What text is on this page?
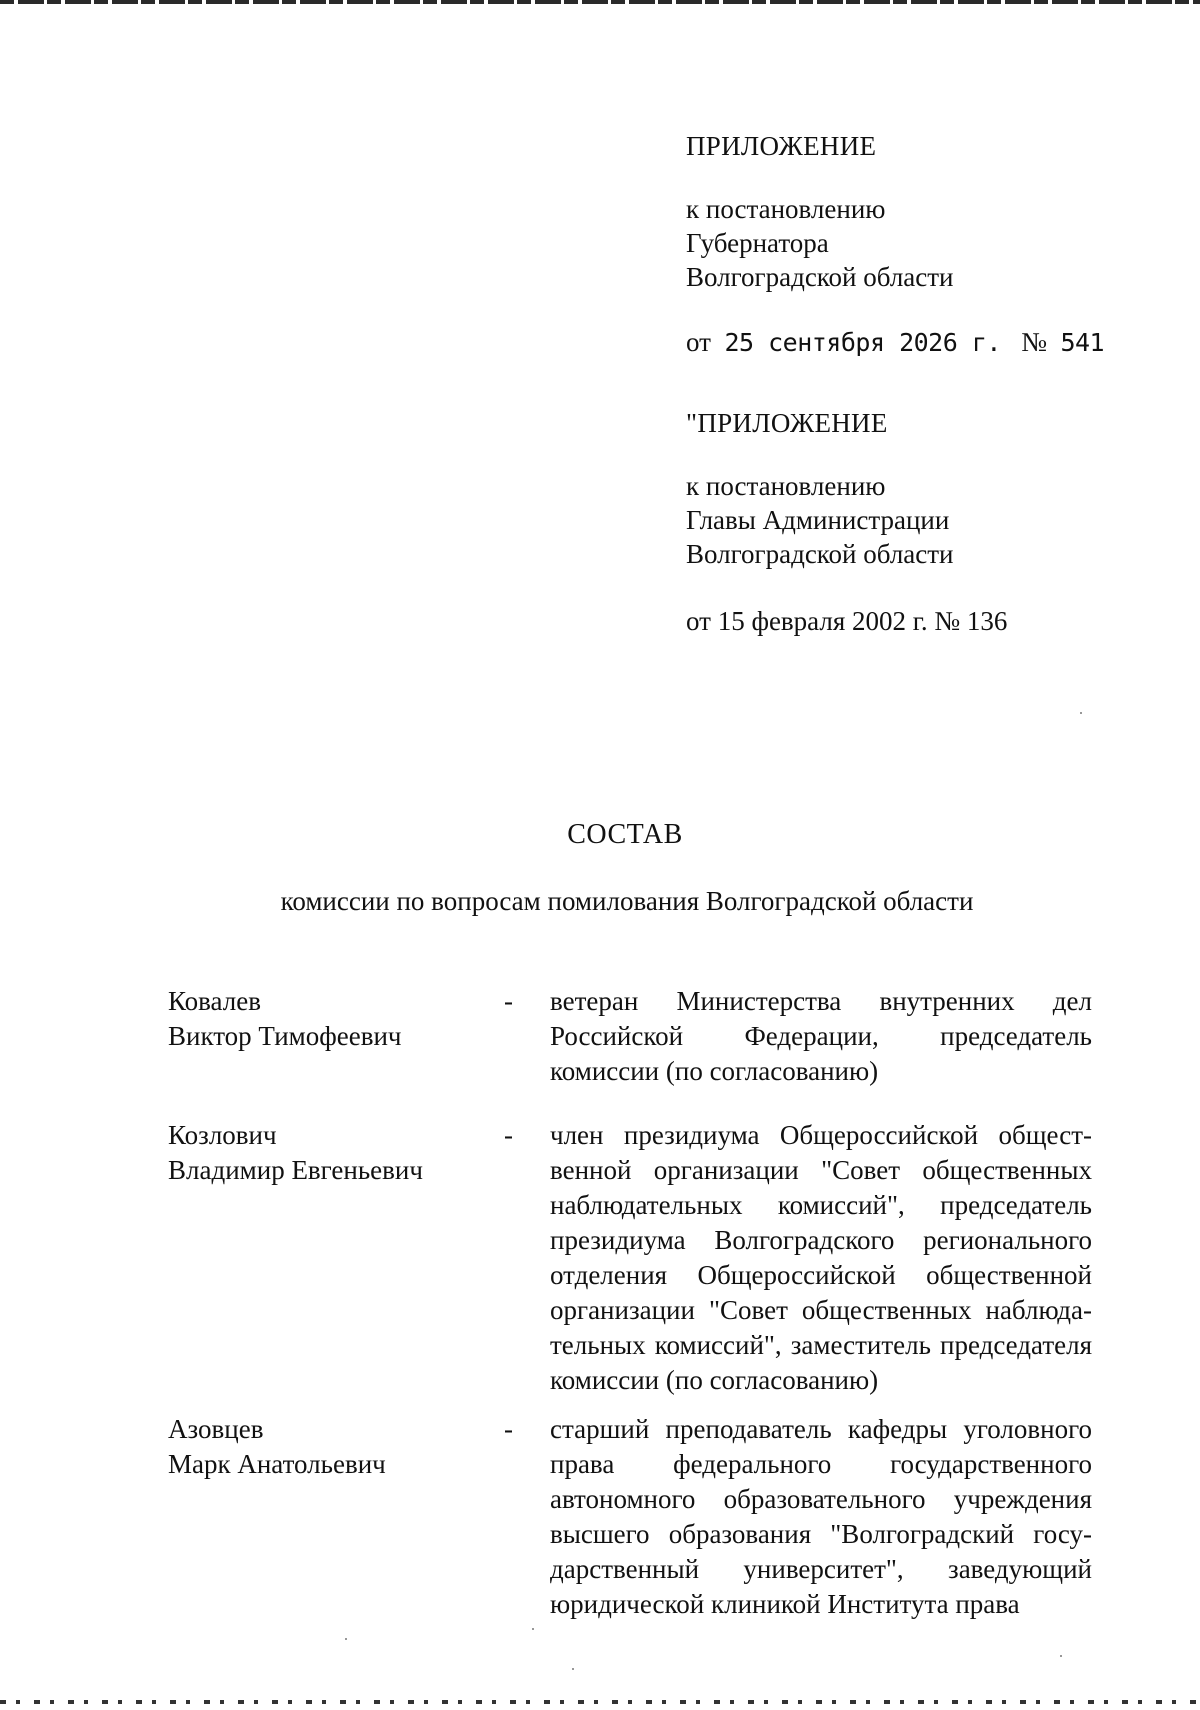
ПРИЛОЖЕНИЕ
к постановлению
Губернатора
Волгоградской области
от 25 сентября 2026 г. № 541
"ПРИЛОЖЕНИЕ
к постановлению
Главы Администрации
Волгоградской области
от 15 февраля 2002 г. № 136
СОСТАВ
комиссии по вопросам помилования Волгоградской области
Ковалев
Виктор Тимофеевич
- ветеран Министерства внутренних дел Российской Федерации, председатель комиссии (по согласованию)
Козлович
Владимир Евгеньевич
- член президиума Общероссийской общественной организации "Совет общественных наблюдательных комиссий", председатель президиума Волгоградского регионального отделения Общероссийской общественной организации "Совет общественных наблюдательных комиссий", заместитель председателя комиссии (по согласованию)
Азовцев
Марк Анатольевич
- старший преподаватель кафедры уголовного права федерального государственного автономного образовательного учреждения высшего образования "Волгоградский государственный университет", заведующий юридической клиникой Института права
